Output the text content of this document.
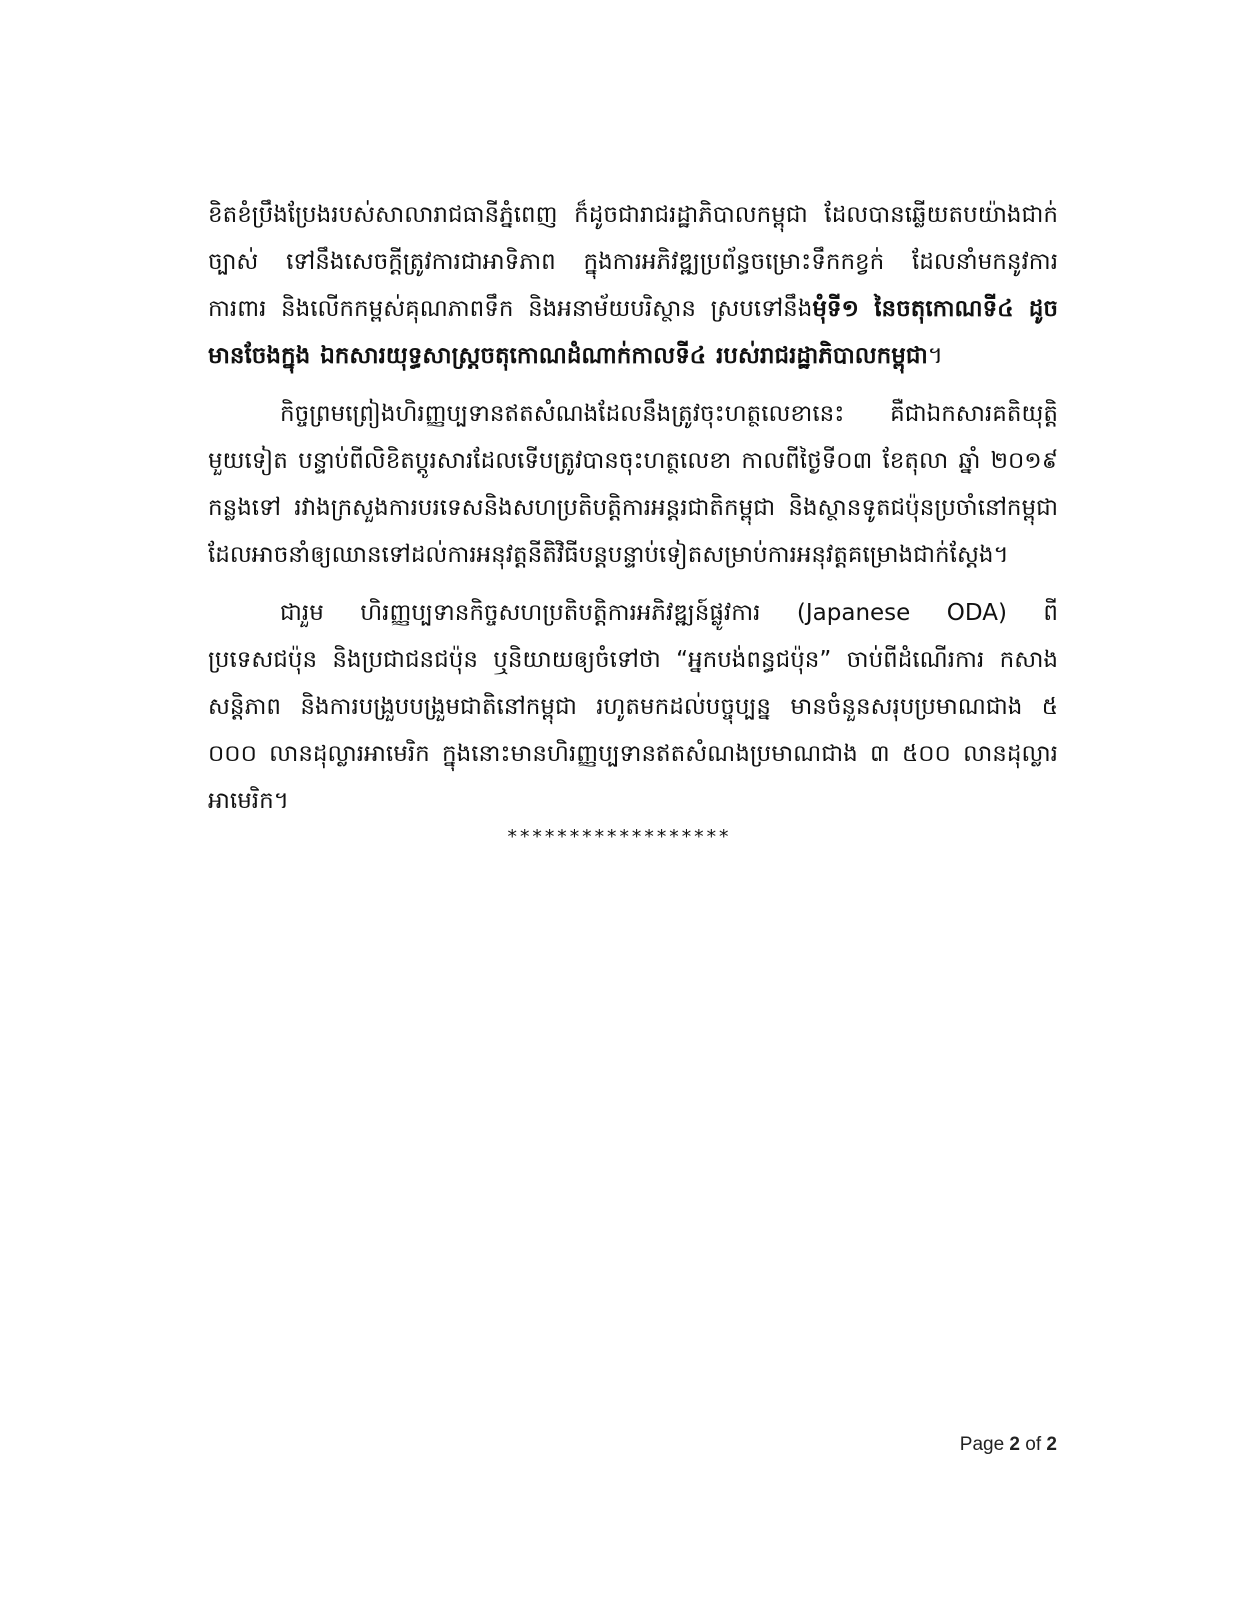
ខិតខំប្រឹងប្រែងរបស់សាលារាជធានីភ្នំពេញ ក៏ដូចជារាជរដ្ឋាភិបាលកម្ពុជា ដែលបានឆ្លើយតបយ៉ាងជាក់ច្បាស់ ទៅនឹងសេចក្តីត្រូវការជាអាទិភាព ក្នុងការអភិវឌ្ឍប្រព័ន្ធចម្រោះទឹកកខ្វក់ ដែលនាំមកនូវការការពារ និងលើកកម្ពស់គុណភាពទឹក និងអនាម័យបរិស្ថាន ស្របទៅនឹងមុំទី១ នៃចតុកោណទី៤ ដូចមានចែងក្នុង ឯកសារយុទ្ធសាស្ត្រចតុកោណដំណាក់កាលទី៤ របស់រាជរដ្ឋាភិបាលកម្ពុជា។

កិច្ចព្រមព្រៀងហិរញ្ញប្បទានឥតសំណងដែលនឹងត្រូវចុះហត្ថលេខានេះ គឺជាឯកសារគតិយុត្តិមួយទៀត បន្ទាប់ពីលិខិតប្តូរសារដែលទើបត្រូវបានចុះហត្ថលេខា កាលពីថ្ងៃទី០៣ ខែតុលា ឆ្នាំ ២០១៩ កន្លងទៅ រវាងក្រសួងការបរទេសនិងសហប្រតិបត្តិការអន្តរជាតិកម្ពុជា និងស្ថានទូតជប៉ុនប្រចាំនៅកម្ពុជា ដែលអាចនាំឲ្យឈានទៅដល់ការអនុវត្តនីតិវិធីបន្តបន្ទាប់ទៀតសម្រាប់ការអនុវត្តគម្រោងជាក់ស្តែង។

ជារួម ហិរញ្ញប្បទានកិច្ចសហប្រតិបត្តិការអភិវឌ្ឍន៍ផ្លូវការ (Japanese ODA) ពីប្រទេសជប៉ុន និងប្រជាជនជប៉ុន ឬនិយាយឲ្យចំទៅថា “អ្នកបង់ពន្ធជប៉ុន” ចាប់ពីដំណើរការ កសាងសន្តិភាព និងការបង្រួបបង្រួមជាតិនៅកម្ពុជា រហូតមកដល់បច្ចុប្បន្ន មានចំនួនសរុបប្រមាណជាង ៥ ០០០ លានដុល្លារអាមេរិក ក្នុងនោះមានហិរញ្ញប្បទានឥតសំណងប្រមាណជាង ៣ ៥០០ លានដុល្លារអាមេរិក។

******************
Page 2 of 2
